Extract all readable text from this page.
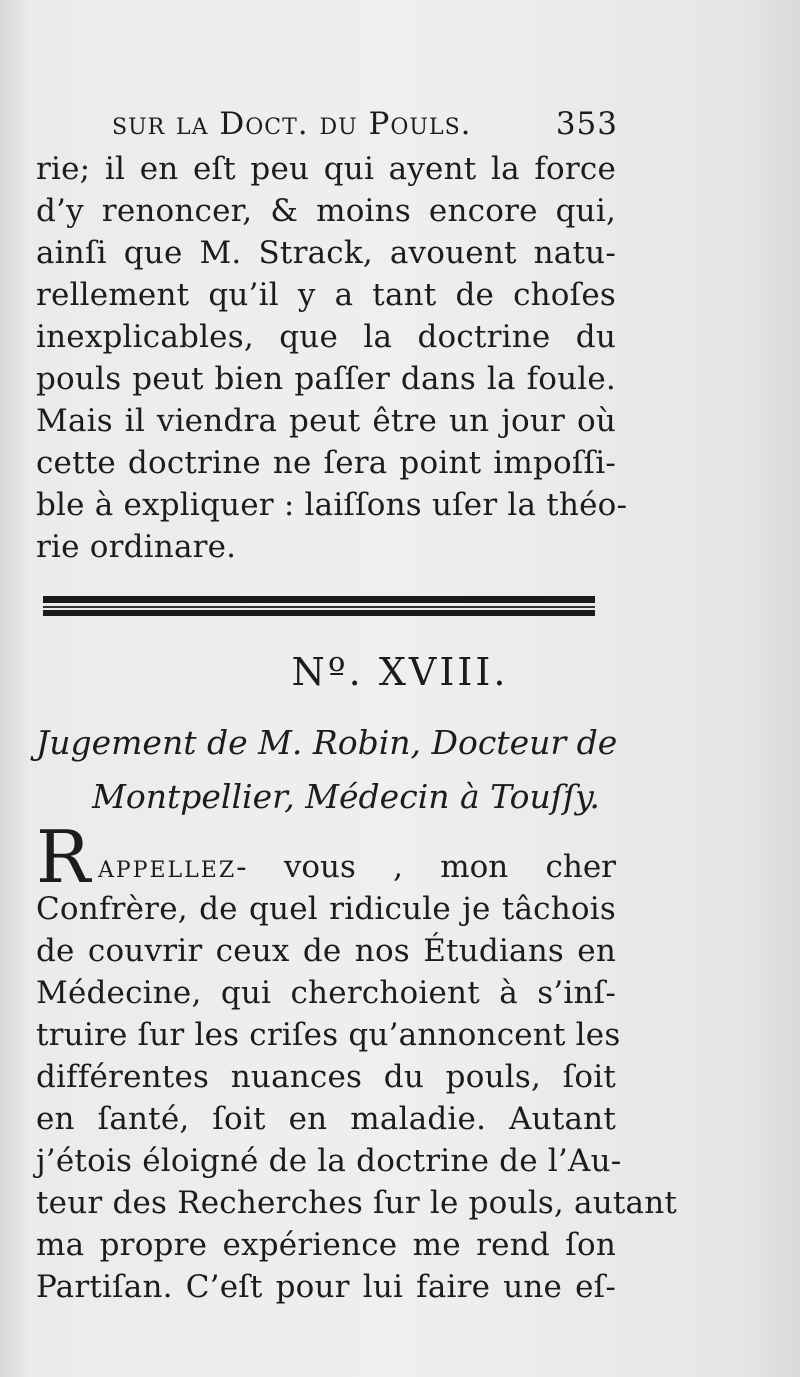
sur la Doct. du Pouls.	353
rie; il en eſt peu qui ayent la force
d’y renoncer, & moins encore qui,
ainſi que M. Strack, avouent natu-
rellement qu’il y a tant de choſes
inexplicables, que la doctrine du
pouls peut bien paſſer dans la foule.
Mais il viendra peut être un jour où
cette doctrine ne ſera point impoſſi-
ble à expliquer : laiſſons uſer la théo-
rie ordinare.
Nº. XVIII.
Jugement de M. Robin, Docteur de
Montpellier, Médecin à Touſſy.
R appellez- vous , mon cher
Confrère, de quel ridicule je tâchois
de couvrir ceux de nos Étudians en
Médecine, qui cherchoient à s’inſ-
truire ſur les criſes qu’annoncent les
différentes nuances du pouls, ſoit
en ſanté, ſoit en maladie. Autant
j’étois éloigné de la doctrine de l’Au-
teur des Recherches ſur le pouls, autant
ma propre expérience me rend ſon
Partiſan. C’eſt pour lui faire une eſ-
